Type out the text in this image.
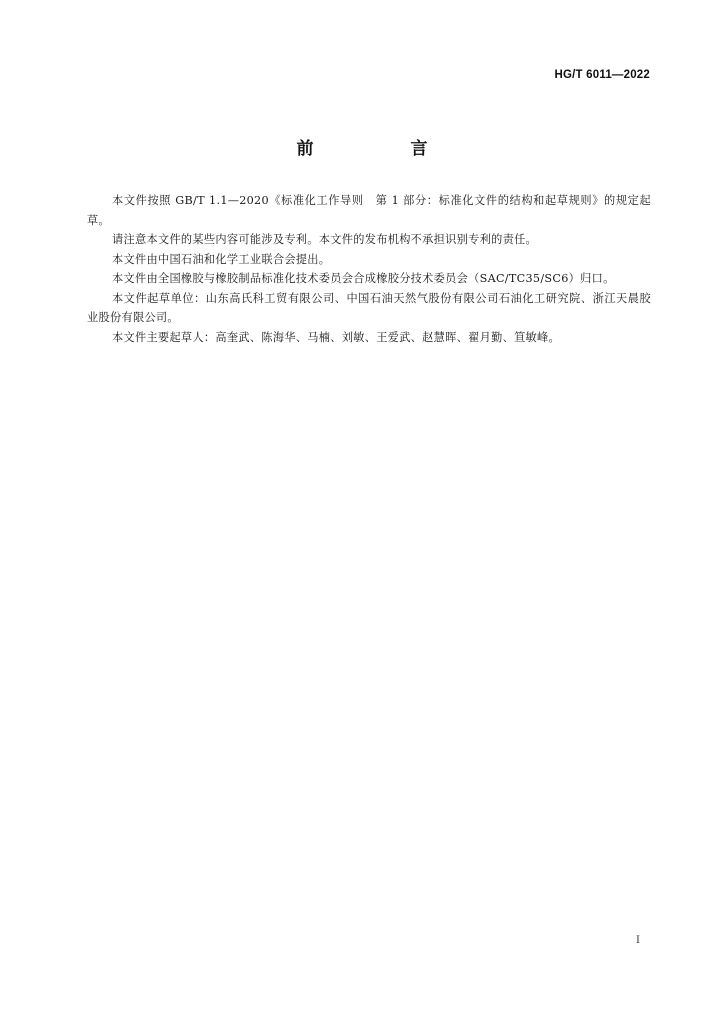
HG/T 6011—2022
前　言

本文件按照 GB/T 1.1—2020《标准化工作导则　第 1 部分：标准化文件的结构和起草规则》的规定起草。

请注意本文件的某些内容可能涉及专利。本文件的发布机构不承担识别专利的责任。

本文件由中国石油和化学工业联合会提出。

本文件由全国橡胶与橡胶制品标准化技术委员会合成橡胶分技术委员会（SAC/TC35/SC6）归口。

本文件起草单位：山东高氏科工贸有限公司、中国石油天然气股份有限公司石油化工研究院、浙江天晨胶业股份有限公司。

本文件主要起草人：高奎武、陈海华、马楠、刘敏、王爱武、赵慧晖、翟月勤、笪敏峰。

I
